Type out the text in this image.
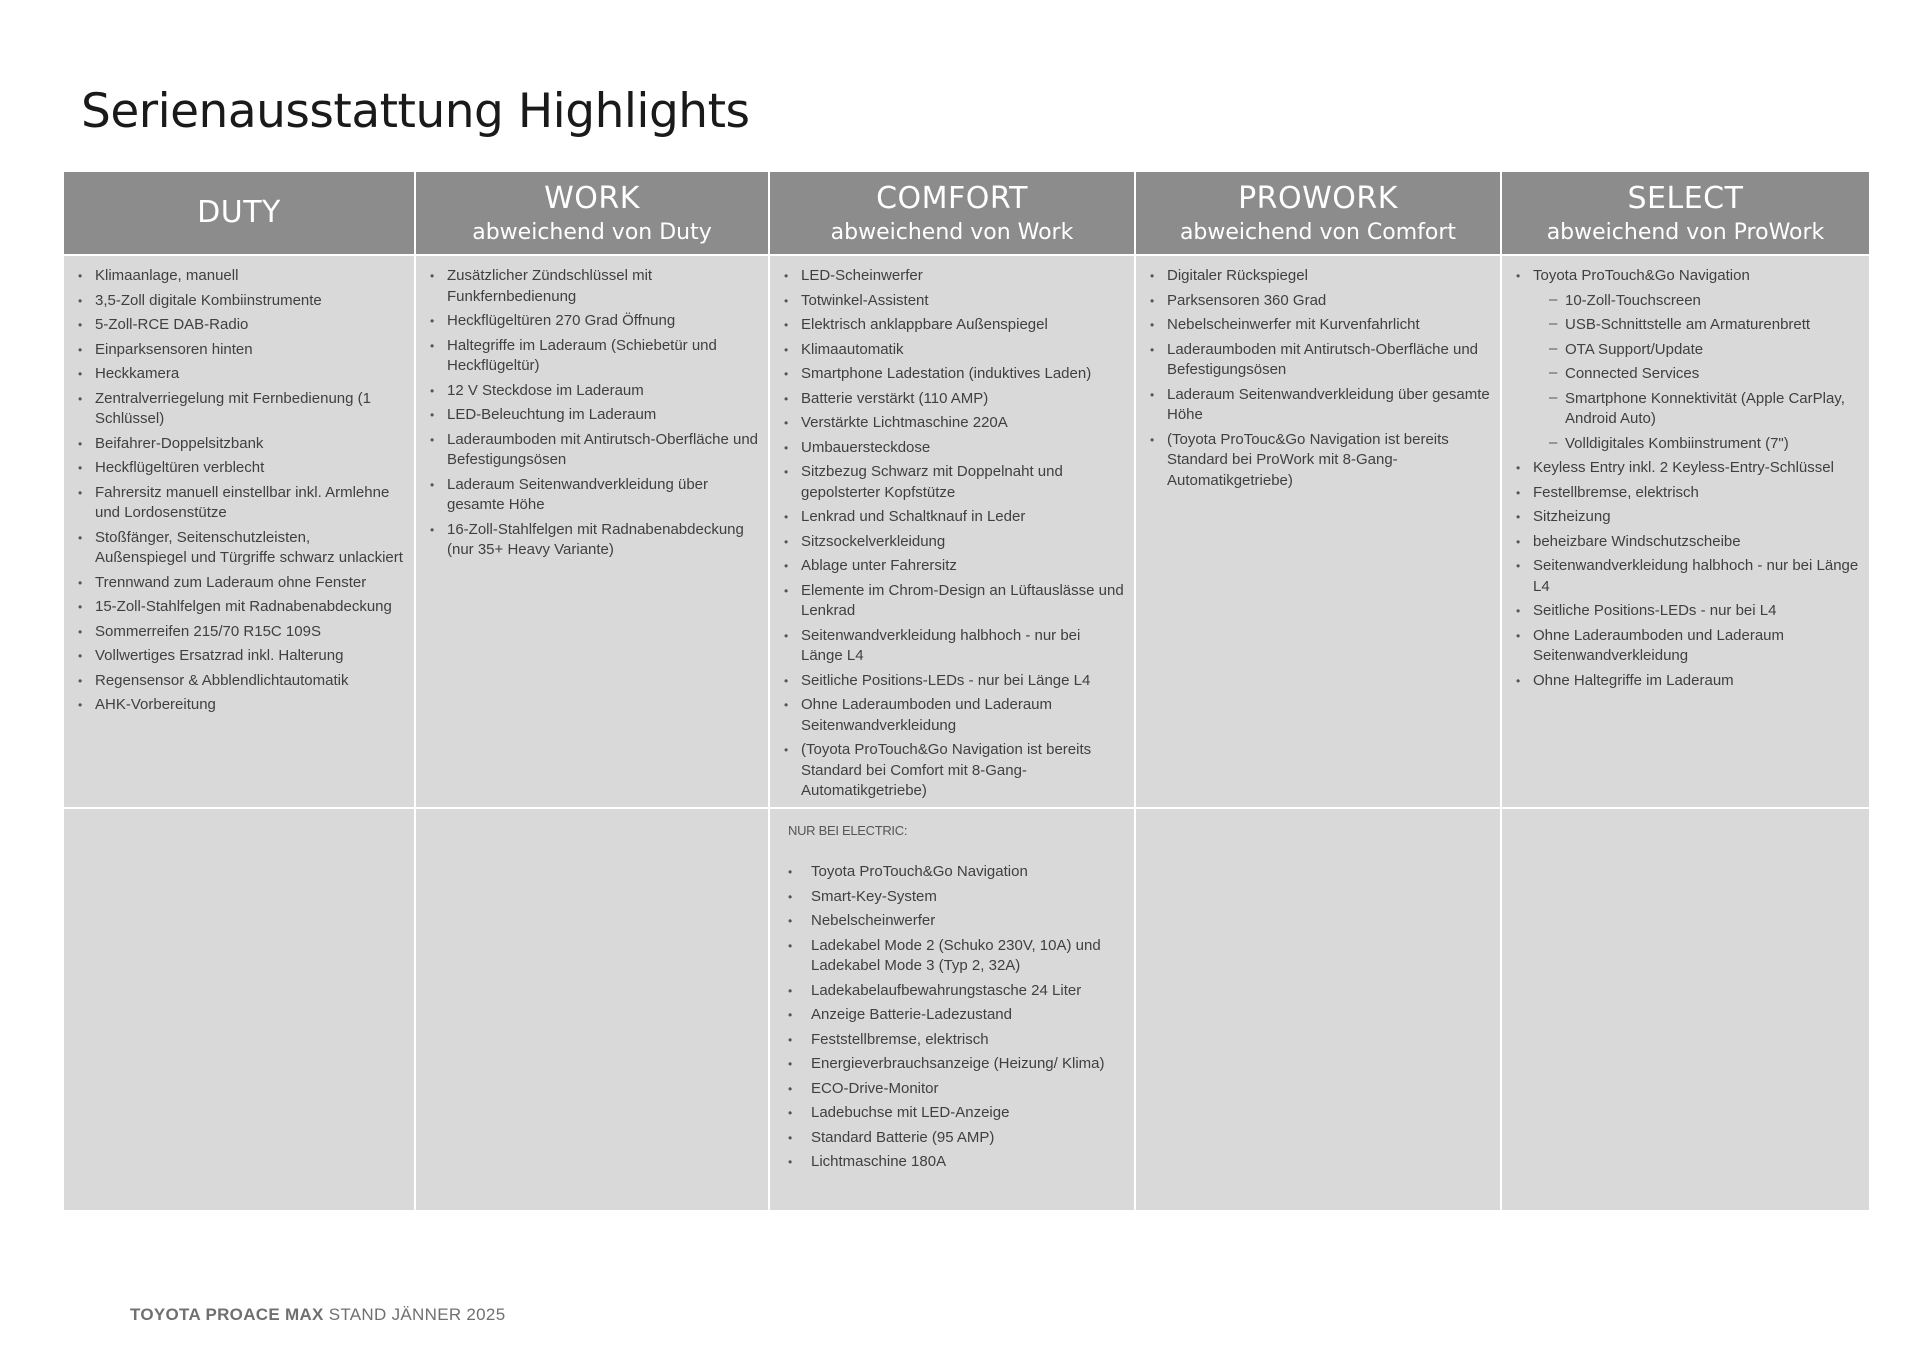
Serienausstattung Highlights
DUTY	WORK
abweichend von Duty
COMFORT
abweichend von Work
PROWORK
abweichend von Comfort
SELECT
abweichend von ProWork
• Klimaanlage, manuell
• 3,5-Zoll digitale Kombiinstrumente
• 5-Zoll-RCE DAB-Radio
• Einparksensoren hinten
• Heckkamera
• Zentralverriegelung mit Fernbedienung (1 Schlüssel)
• Beifahrer-Doppelsitzbank
• Heckflügeltüren verblecht
• Fahrersitz manuell einstellbar inkl. Armlehne und Lordosenstütze
• Stoßfänger, Seitenschutzleisten, Außenspiegel und Türgriffe schwarz unlackiert
• Trennwand zum Laderaum ohne Fenster
• 15-Zoll-Stahlfelgen mit Radnabenabdeckung
• Sommerreifen 215/70 R15C 109S
• Vollwertiges Ersatzrad inkl. Halterung
• Regensensor & Abblendlichtautomatik
• AHK-Vorbereitung
• Zusätzlicher Zündschlüssel mit Funkfernbedienung
• Heckflügeltüren 270 Grad Öffnung
• Haltegriffe im Laderaum (Schiebetür und Heckflügeltür)
• 12 V Steckdose im Laderaum
• LED-Beleuchtung im Laderaum
• Laderaumboden mit Antirutsch-Oberfläche und Befestigungsösen
• Laderaum Seitenwandverkleidung über gesamte Höhe
• 16-Zoll-Stahlfelgen mit Radnabenabdeckung (nur 35+ Heavy Variante)
• LED-Scheinwerfer
• Totwinkel-Assistent
• Elektrisch anklappbare Außenspiegel
• Klimaautomatik
• Smartphone Ladestation (induktives Laden)
• Batterie verstärkt (110 AMP)
• Verstärkte Lichtmaschine 220A
• Umbauersteckdose
• Sitzbezug Schwarz mit Doppelnaht und gepolsterter Kopfstütze
• Lenkrad und Schaltknauf in Leder
• Sitzsockelverkleidung
• Ablage unter Fahrersitz
• Elemente im Chrom-Design an Lüftauslässe und Lenkrad
• Seitenwandverkleidung halbhoch - nur bei Länge L4
• Seitliche Positions-LEDs - nur bei Länge L4
• Ohne Laderaumboden und Laderaum Seitenwandverkleidung
• (Toyota ProTouch&Go Navigation ist bereits Standard bei Comfort mit 8-Gang- Automatikgetriebe)
• Digitaler Rückspiegel
• Parksensoren 360 Grad
• Nebelscheinwerfer mit Kurvenfahrlicht
• Laderaumboden mit Antirutsch-Oberfläche und Befestigungsösen
• Laderaum Seitenwandverkleidung über gesamte Höhe
• (Toyota ProTouc&Go Navigation ist bereits Standard bei ProWork mit 8-Gang-Automatikgetriebe)
• Toyota ProTouch&Go Navigation
– 10-Zoll-Touchscreen
– USB-Schnittstelle am Armaturenbrett
– OTA Support/Update
– Connected Services
– Smartphone Konnektivität (Apple CarPlay, Android Auto)
– Volldigitales Kombiinstrument (7")
• Keyless Entry inkl. 2 Keyless-Entry-Schlüssel
• Festellbremse, elektrisch
• Sitzheizung
• beheizbare Windschutzscheibe
• Seitenwandverkleidung halbhoch - nur bei Länge L4
• Seitliche Positions-LEDs - nur bei L4
• Ohne Laderaumboden und Laderaum Seitenwandverkleidung
• Ohne Haltegriffe im Laderaum
NUR BEI ELECTRIC:
• Toyota ProTouch&Go Navigation
• Smart-Key-System
• Nebelscheinwerfer
• Ladekabel Mode 2 (Schuko 230V, 10A) und Ladekabel Mode 3 (Typ 2, 32A)
• Ladekabelaufbewahrungstasche 24 Liter
• Anzeige Batterie-Ladezustand
• Feststellbremse, elektrisch
• Energieverbrauchsanzeige (Heizung/ Klima)
• ECO-Drive-Monitor
• Ladebuchse mit LED-Anzeige
• Standard Batterie (95 AMP)
• Lichtmaschine 180A
TOYOTA PROACE MAX STAND JÄNNER 2025
